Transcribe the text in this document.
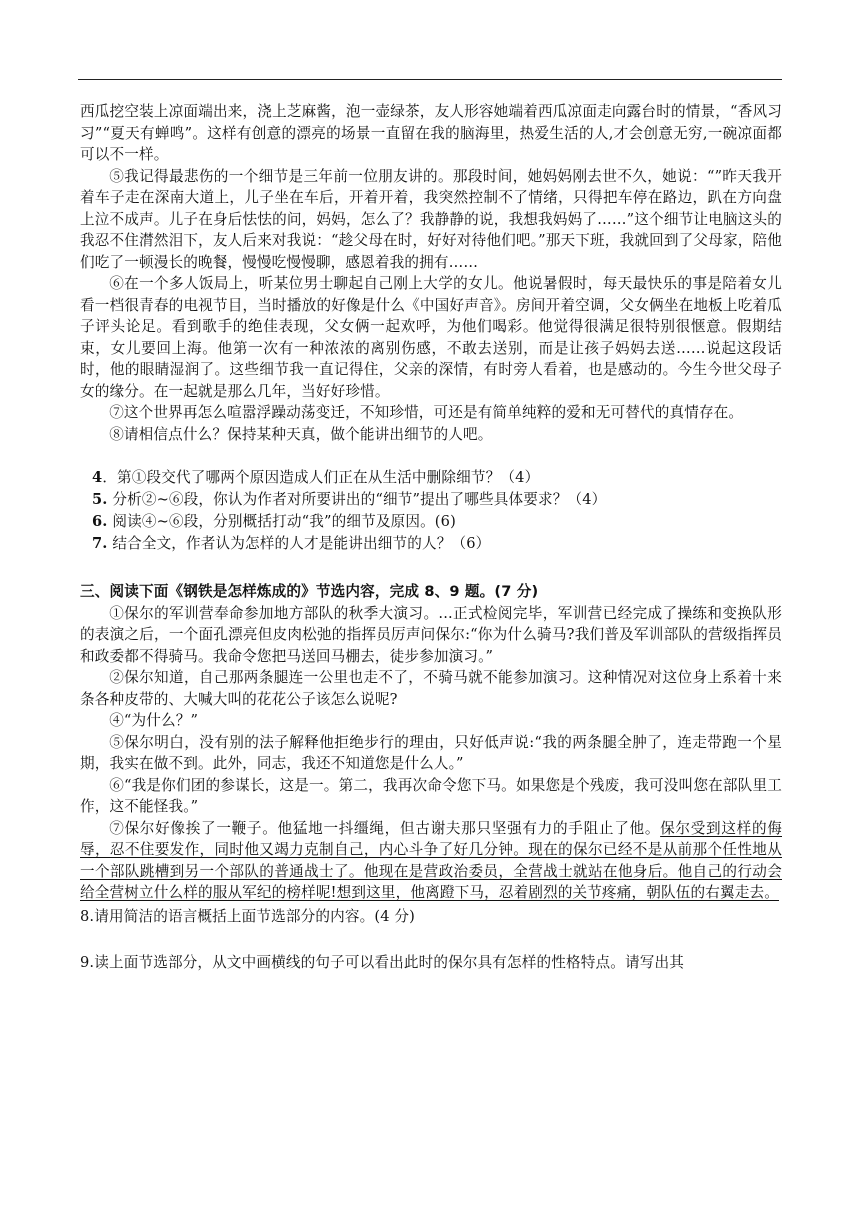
西瓜挖空装上凉面端出来，浇上芝麻酱，泡一壶绿茶，友人形容她端着西瓜凉面走向露台时的情景，“香风习习”“夏天有蝉鸣”。这样有创意的漂亮的场景一直留在我的脑海里，热爱生活的人,才会创意无穷,一碗凉面都可以不一样。

⑤我记得最悲伤的一个细节是三年前一位朋友讲的。那段时间，她妈妈刚去世不久，她说：“”昨天我开着车子走在深南大道上，儿子坐在车后，开着开着，我突然控制不了情绪，只得把车停在路边，趴在方向盘上泣不成声。儿子在身后怯怯的问，妈妈，怎么了？我静静的说，我想我妈妈了……”这个细节让电脑这头的我忍不住潸然泪下，友人后来对我说：“趁父母在时，好好对待他们吧。”那天下班，我就回到了父母家，陪他们吃了一顿漫长的晚餐，慢慢吃慢慢聊，感恩着我的拥有……

⑥在一个多人饭局上，听某位男士聊起自己刚上大学的女儿。他说暑假时，每天最快乐的事是陪着女儿看一档很青春的电视节目，当时播放的好像是什么《中国好声音》。房间开着空调，父女俩坐在地板上吃着瓜子评头论足。看到歌手的绝佳表现，父女俩一起欢呼，为他们喝彩。他觉得很满足很特别很惬意。假期结束，女儿要回上海。他第一次有一种浓浓的离别伤感，不敢去送别，而是让孩子妈妈去送……说起这段话时，他的眼睛湿润了。这些细节我一直记得住，父亲的深情，有时旁人看着，也是感动的。今生今世父母子女的缘分。在一起就是那么几年，当好好珍惜。

⑦这个世界再怎么喧嚣浮躁动荡变迁，不知珍惜，可还是有简单纯粹的爱和无可替代的真情存在。

⑧请相信点什么？保持某种天真，做个能讲出细节的人吧。

4．第①段交代了哪两个原因造成人们正在从生活中删除细节？（4）

5. 分析②~⑥段，你认为作者对所要讲出的“细节”提出了哪些具体要求？（4）

6. 阅读④~⑥段，分别概括打动“我”的细节及原因。(6)

7. 结合全文，作者认为怎样的人才是能讲出细节的人？（6）

三、阅读下面《钢铁是怎样炼成的》节选内容，完成 8、9 题。(7 分)

①保尔的军训营奉命参加地方部队的秋季大演习。...正式检阅完毕，军训营已经完成了操练和变换队形的表演之后，一个面孔漂亮但皮肉松弛的指挥员厉声问保尔:“你为什么骑马?我们普及军训部队的营级指挥员和政委都不得骑马。我命令您把马送回马棚去，徒步参加演习。”

②保尔知道，自己那两条腿连一公里也走不了，不骑马就不能参加演习。这种情况对这位身上系着十来条各种皮带的、大喊大叫的花花公子该怎么说呢?

④“为什么？”

⑤保尔明白，没有别的法子解释他拒绝步行的理由，只好低声说:“我的两条腿全肿了，连走带跑一个星期，我实在做不到。此外，同志，我还不知道您是什么人。”

⑥“我是你们团的参谋长，这是一。第二，我再次命令您下马。如果您是个残废，我可没叫您在部队里工作，这不能怪我。”

⑦保尔好像挨了一鞭子。他猛地一抖缰绳，但古谢夫那只坚强有力的手阻止了他。保尔受到这样的侮辱，忍不住要发作，同时他又竭力克制自己，内心斗争了好几分钟。现在的保尔已经不是从前那个任性地从一个部队跳槽到另一个部队的普通战士了。他现在是营政治委员，全营战士就站在他身后。他自己的行动会给全营树立什么样的服从军纪的榜样呢!想到这里，他离蹬下马，忍着剧烈的关节疼痛，朝队伍的右翼走去。

8.请用简洁的语言概括上面节选部分的内容。(4 分)

9.读上面节选部分，从文中画横线的句子可以看出此时的保尔具有怎样的性格特点。请写出其
